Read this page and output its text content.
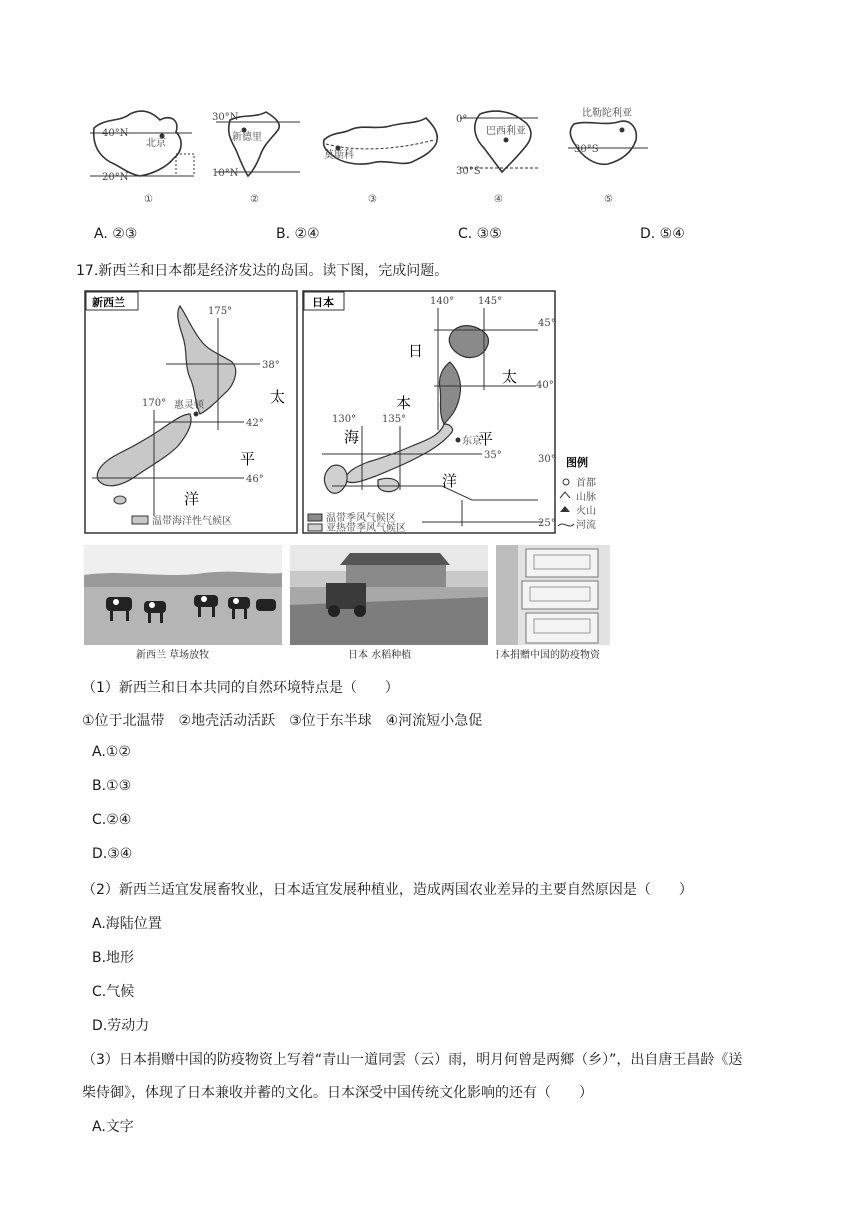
40°N
北京
20°N
①
30°N
新德里
10°N
②
莫斯科
③
0°
巴西利亚
30°S
④
比勒陀利亚
30°S
⑤
A. ②③	B. ②④	C. ③⑤	D. ⑤④
17.新西兰和日本都是经济发达的岛国。读下图，完成问题。
新西兰
175°
170°
38°
42°
46°
惠灵顿	太
平
洋
温带海洋性气候区
日本	140° 145°
130°	135°
45°
40°
35°	30°
25°
东京
日
本
海
太
平
洋
温带季风气候区
亚热带季风气候区
图例
首都
山脉
火山
河流
新西兰 草场放牧	日本 水稻种植	日本捐赠中国的防疫物资
（1）新西兰和日本共同的自然环境特点是（　　）
①位于北温带　②地壳活动活跃　③位于东半球　④河流短小急促
A.①②
B.①③
C.②④
D.③④
（2）新西兰适宜发展畜牧业，日本适宜发展种植业，造成两国农业差异的主要自然原因是（　　）
A.海陆位置
B.地形
C.气候
D.劳动力
（3）日本捐赠中国的防疫物资上写着“青山一道同雲（云）雨，明月何曾是两鄉（乡）”，出自唐王昌龄《送
柴侍御》，体现了日本兼收并蓄的文化。日本深受中国传统文化影响的还有（　　）
A.文字
